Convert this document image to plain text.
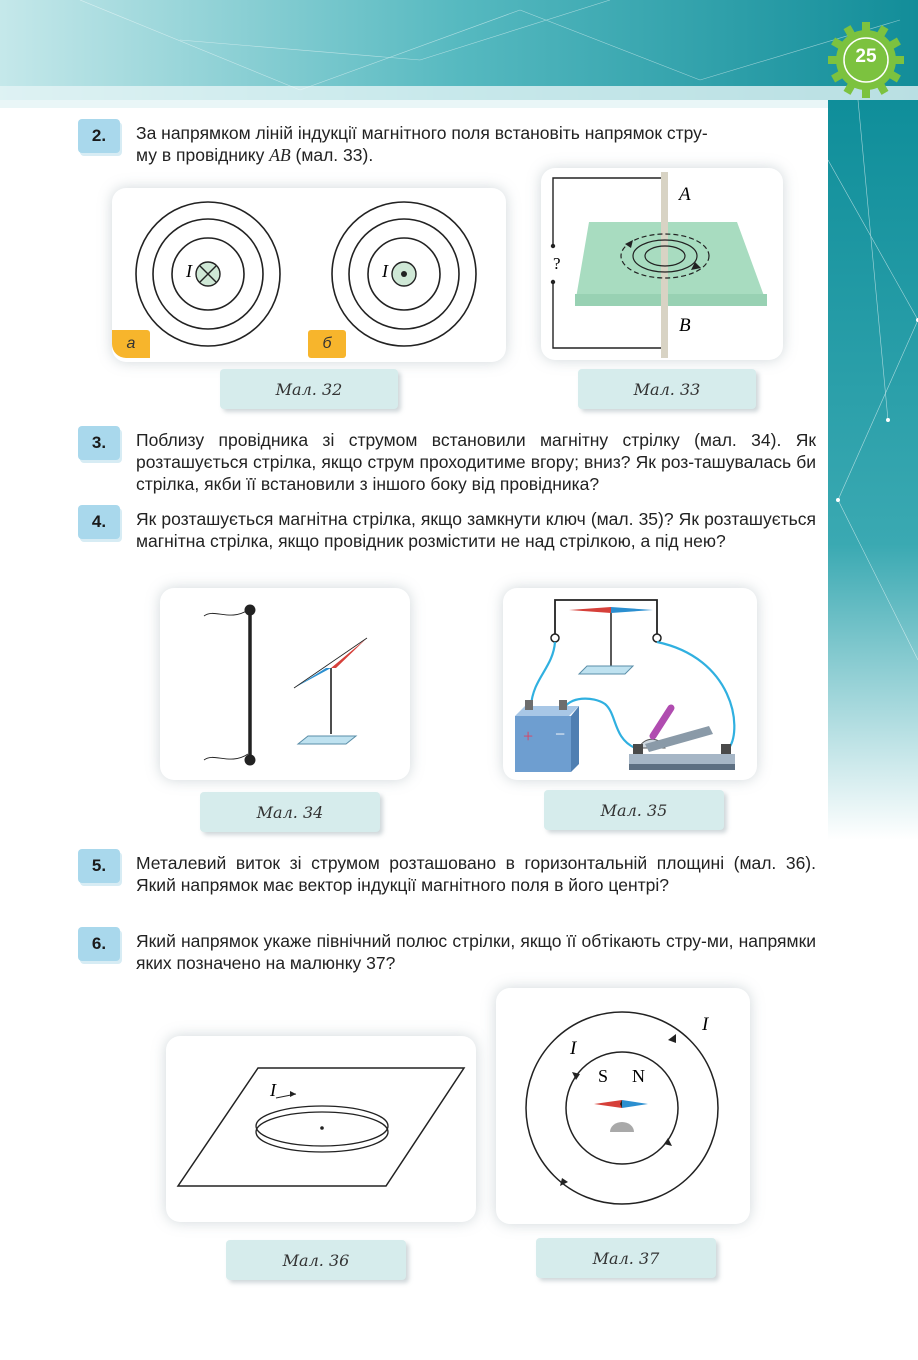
25
2.	За напрямком ліній індукції магнітного поля встановіть напрямок стру-
му в провіднику AB (мал. 33).
I	I
а	б
Мал. 32
?
A
B
Мал. 33
3.	Поблизу провідника зі струмом встановили магнітну стрілку (мал. 34). Як розташується стрілка, якщо струм проходитиме вгору; вниз? Як роз-ташувалась би стрілка, якби її встановили з іншого боку від провідника?
4.	Як розташується магнітна стрілка, якщо замкнути ключ (мал. 35)? Як розташується магнітна стрілка, якщо провідник розмістити не над стрілкою, а під нею?
Мал. 34
+ −
Мал. 35
5.	Металевий виток зі струмом розташовано в горизонтальній площині (мал. 36). Який напрямок має вектор індукції магнітного поля в його центрі?
6.	Який напрямок укаже північний полюс стрілки, якщо її обтікають стру-ми, напрямки яких позначено на малюнку 37?
I
Мал. 36
I
I
S N
Мал. 37
